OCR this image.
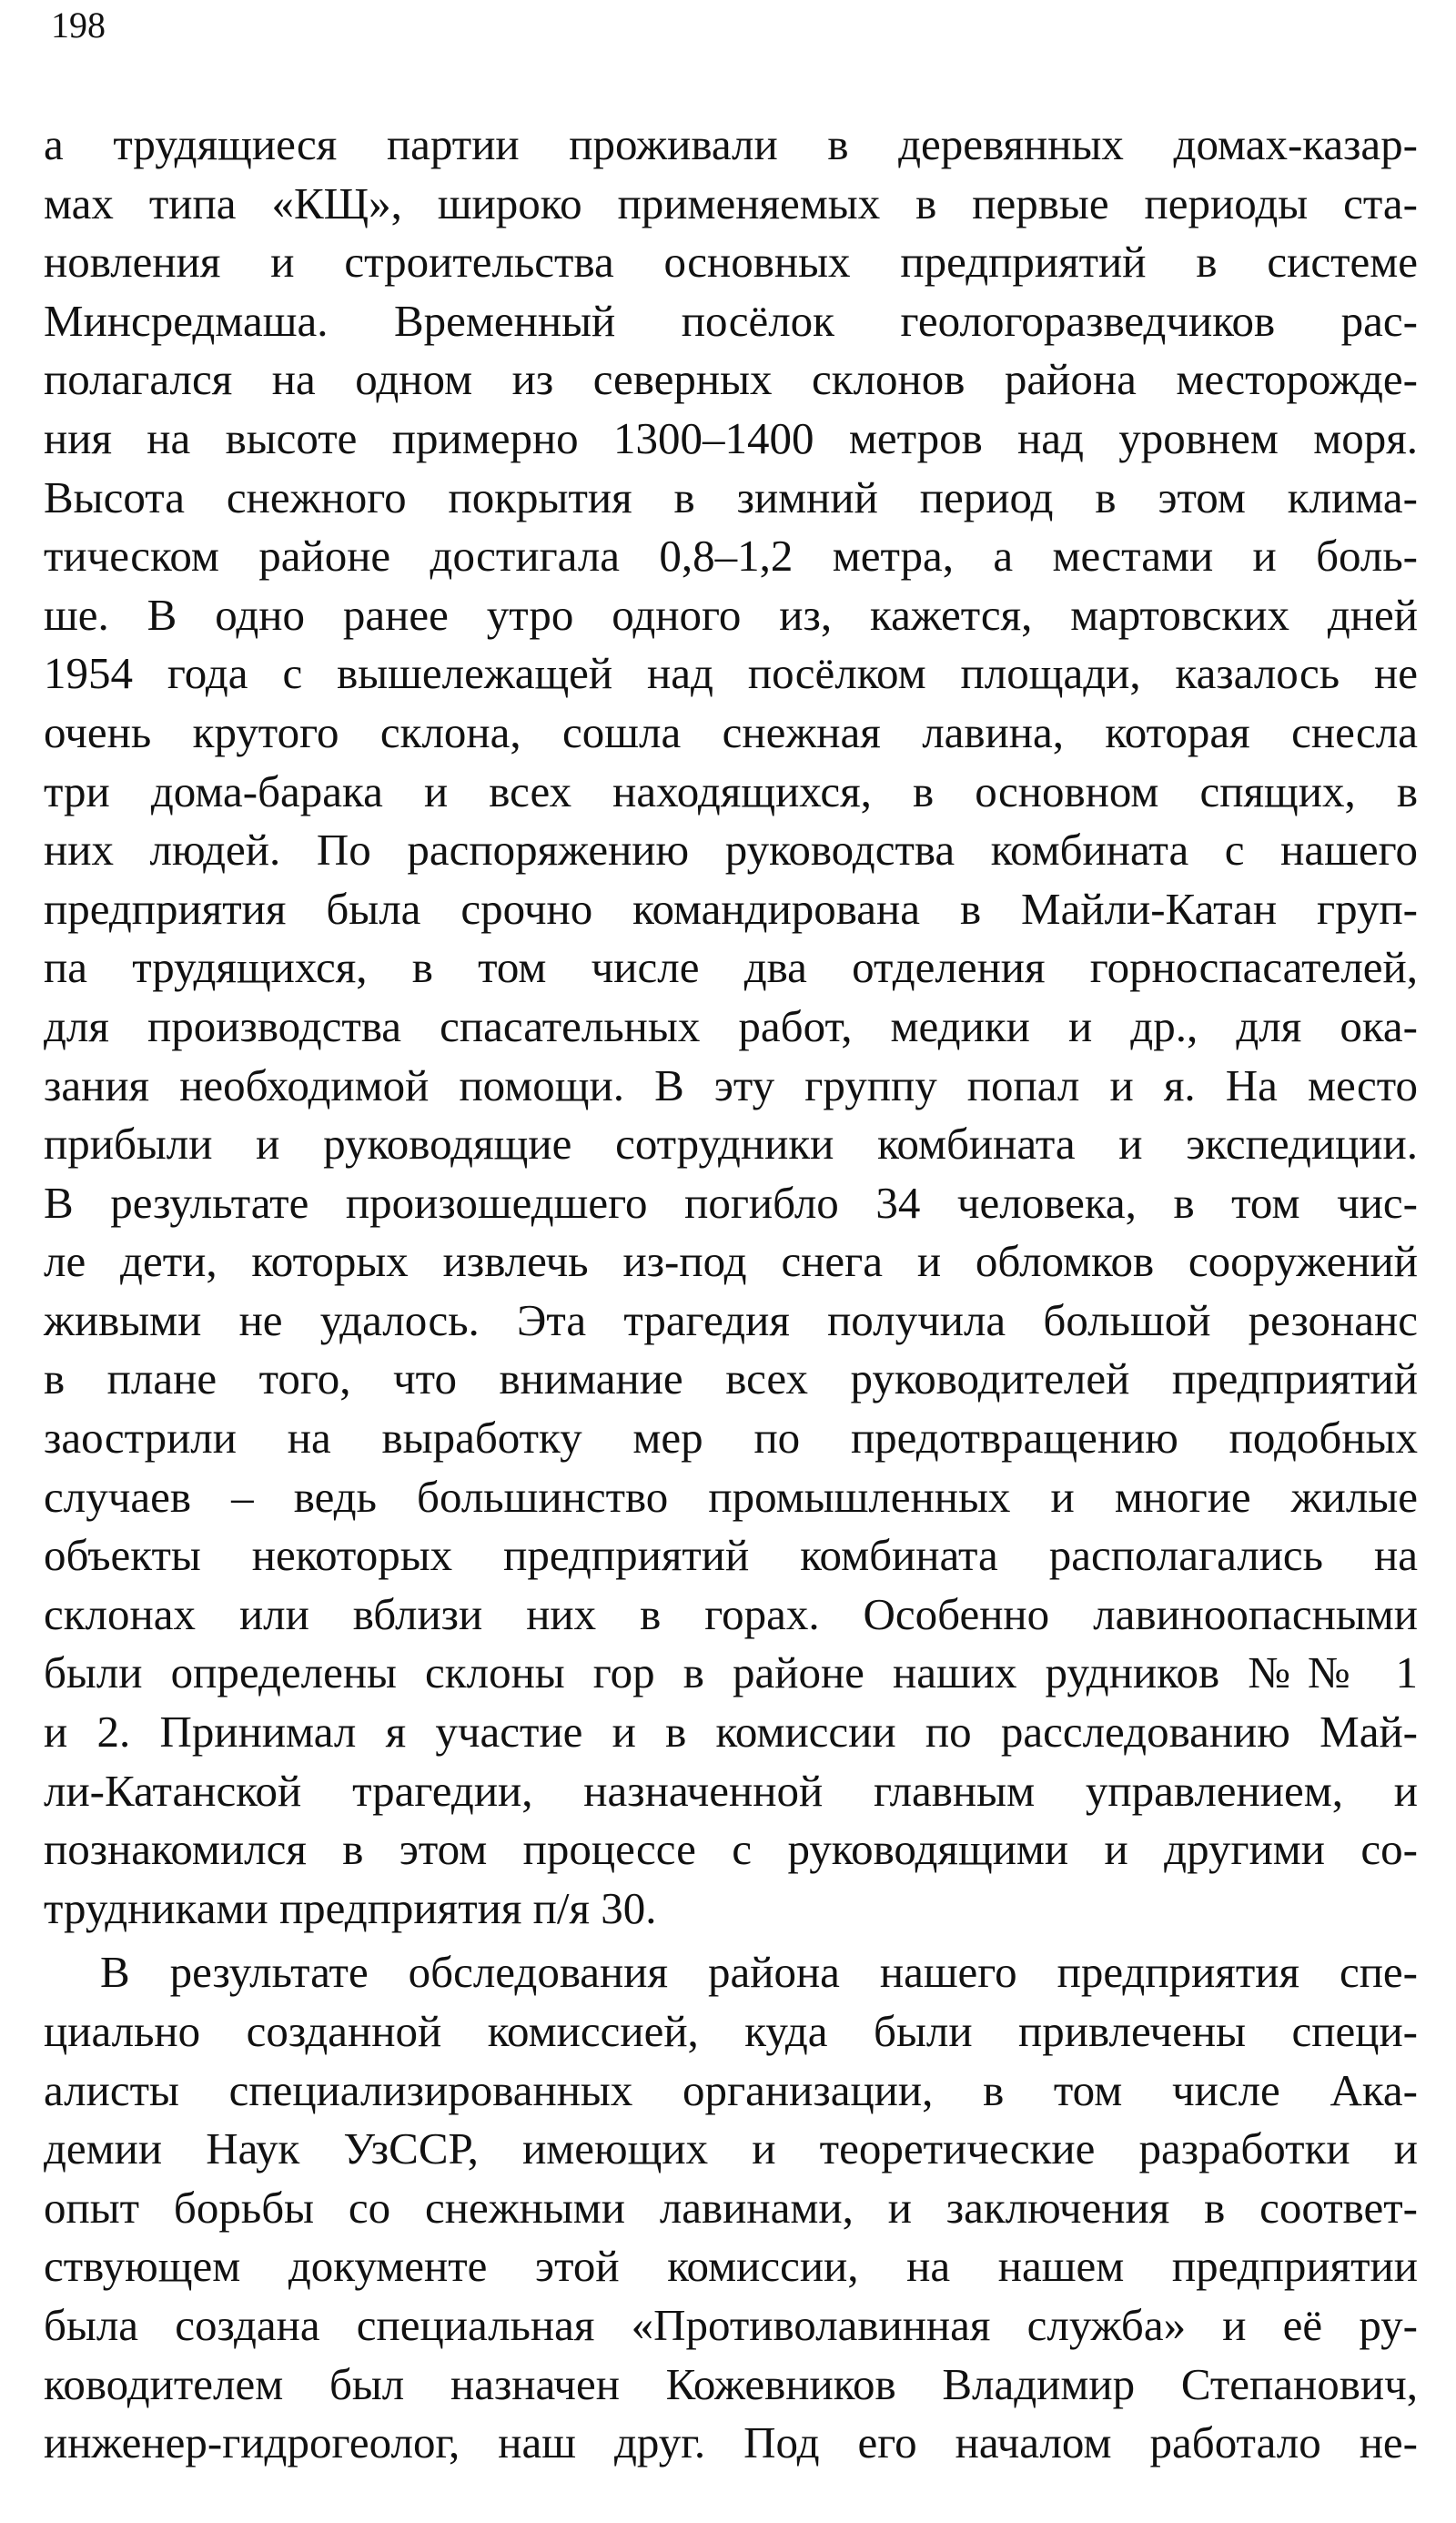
198
а трудящиеся партии проживали в деревянных домах-казар-
мах типа «КЩ», широко применяемых в первые периоды ста-
новления и строительства основных предприятий в системе
Минсредмаша. Временный посёлок геологоразведчиков рас-
полагался на одном из северных склонов района месторожде-
ния на высоте примерно 1300–1400 метров над уровнем моря.
Высота снежного покрытия в зимний период в этом клима-
тическом районе достигала 0,8–1,2 метра, а местами и боль-
ше. В одно ранее утро одного из, кажется, мартовских дней
1954 года с вышележащей над посёлком площади, казалось не
очень крутого склона, сошла снежная лавина, которая снесла
три дома-барака и всех находящихся, в основном спящих, в
них людей. По распоряжению руководства комбината с нашего
предприятия была срочно командирована в Майли-Катан груп-
па трудящихся, в том числе два отделения горноспасателей,
для производства спасательных работ, медики и др., для ока-
зания необходимой помощи. В эту группу попал и я. На место
прибыли и руководящие сотрудники комбината и экспедиции.
В результате произошедшего погибло 34 человека, в том чис-
ле дети, которых извлечь из-под снега и обломков сооружений
живыми не удалось. Эта трагедия получила большой резонанс
в плане того, что внимание всех руководителей предприятий
заострили на выработку мер по предотвращению подобных
случаев – ведь большинство промышленных и многие жилые
объекты некоторых предприятий комбината располагались на
склонах или вблизи них в горах. Особенно лавиноопасными
были определены склоны гор в районе наших рудников №№ 1
и 2. Принимал я участие и в комиссии по расследованию Май-
ли-Катанской трагедии, назначенной главным управлением, и
познакомился в этом процессе с руководящими и другими со-
трудниками предприятия п/я 30.
В результате обследования района нашего предприятия спе-
циально созданной комиссией, куда были привлечены специ-
алисты специализированных организации, в том числе Ака-
демии Наук УзССР, имеющих и теоретические разработки и
опыт борьбы со снежными лавинами, и заключения в соответ-
ствующем документе этой комиссии, на нашем предприятии
была создана специальная «Противолавинная служба» и её ру-
ководителем был назначен Кожевников Владимир Степанович,
инженер-гидрогеолог, наш друг. Под его началом работало не-
